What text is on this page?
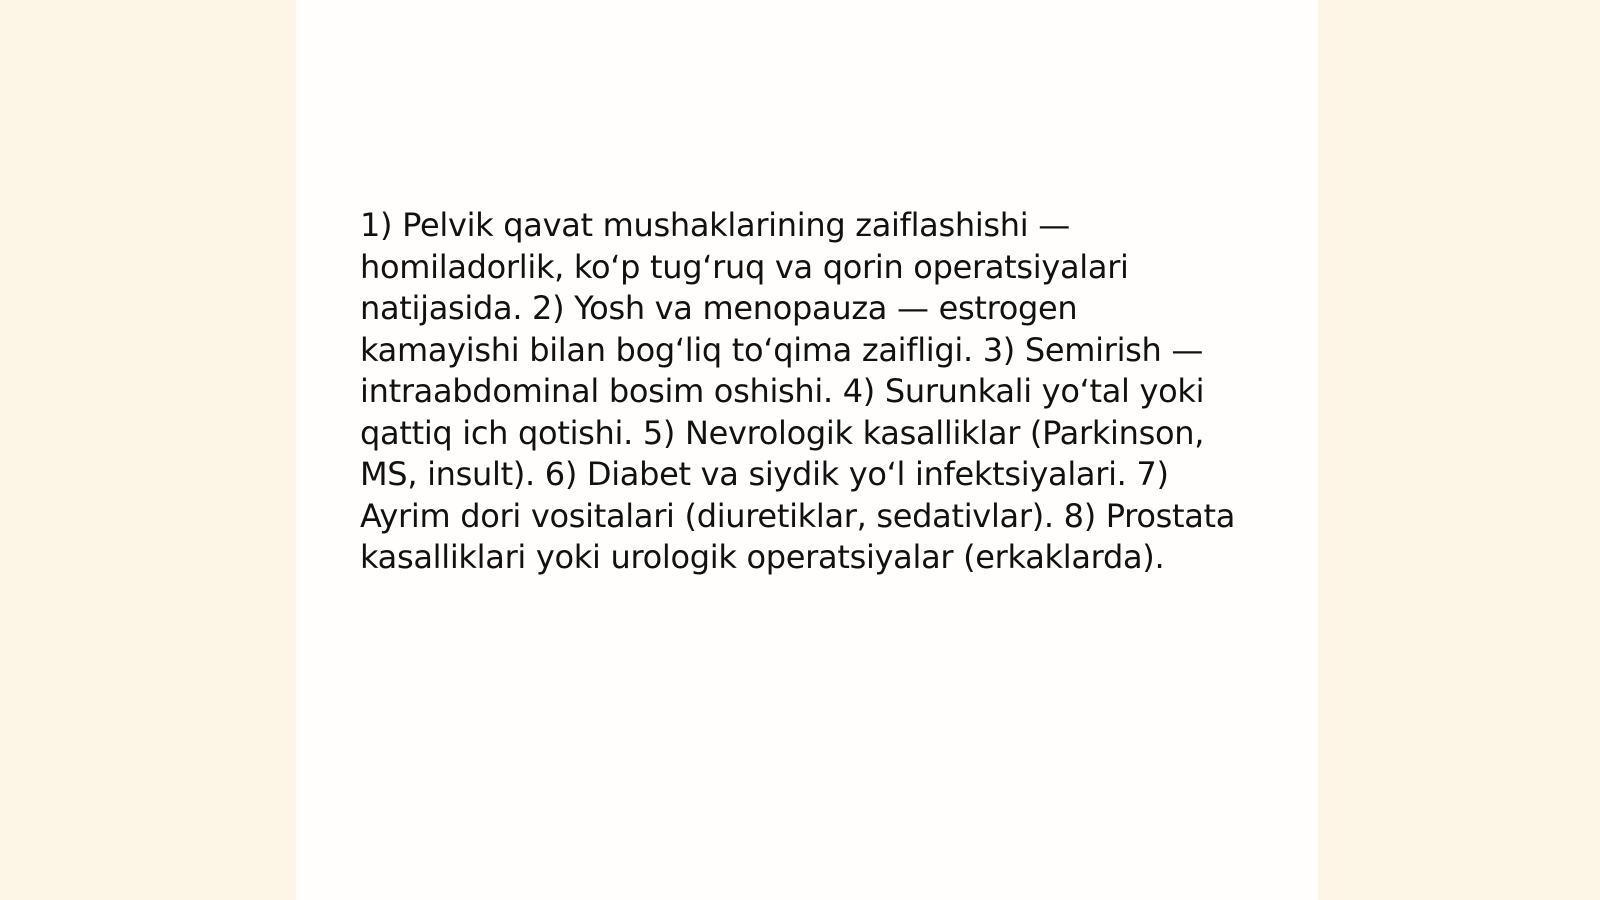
1) Pelvik qavat mushaklarining zaiflashishi — homiladorlik, koʻp tugʻruq va qorin operatsiyalari natijasida. 2) Yosh va menopauza — estrogen kamayishi bilan bogʻliq toʻqima zaifligi. 3) Semirish — intraabdominal bosim oshishi. 4) Surunkali yoʻtal yoki qattiq ich qotishi. 5) Nevrologik kasalliklar (Parkinson, MS, insult). 6) Diabet va siydik yoʻl infektsiyalari. 7) Ayrim dori vositalari (diuretiklar, sedativlar). 8) Prostata kasalliklari yoki urologik operatsiyalar (erkaklarda).
